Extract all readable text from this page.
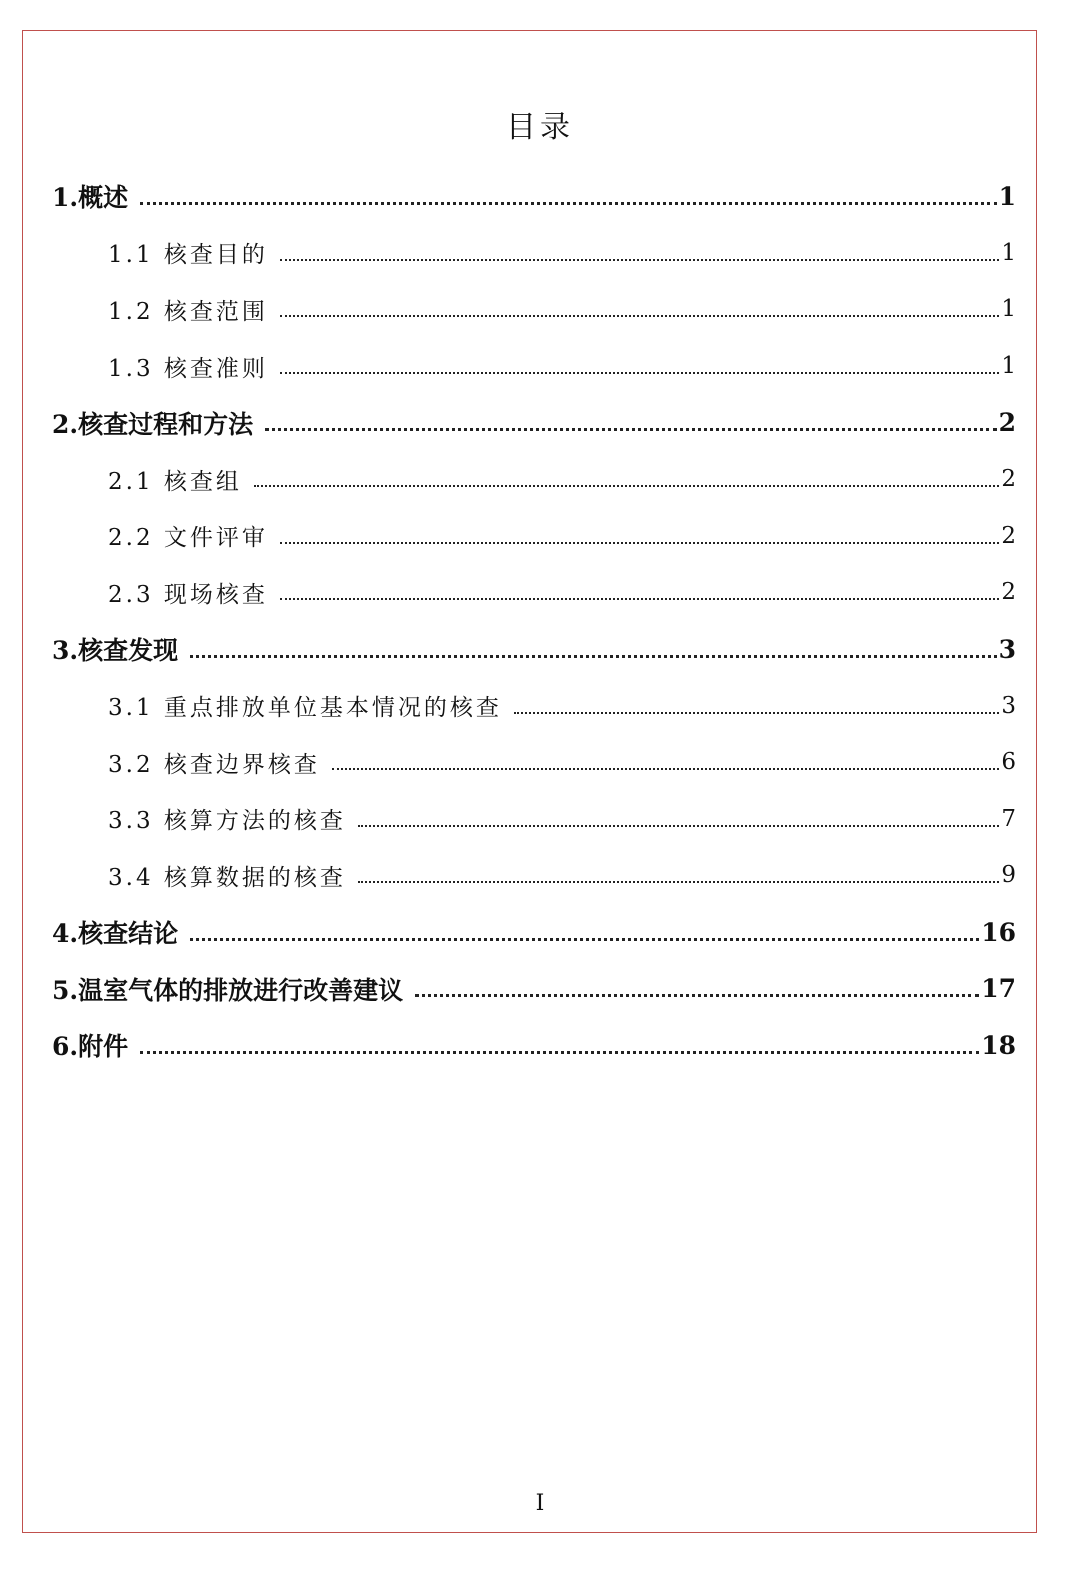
目录
1.概述	1
1.1 核查目的	1
1.2 核查范围	1
1.3 核查准则	1
2.核查过程和方法	2
2.1 核查组	2
2.2 文件评审	2
2.3 现场核查	2
3.核查发现	3
3.1 重点排放单位基本情况的核查	3
3.2 核查边界核查	6
3.3 核算方法的核查	7
3.4 核算数据的核查	9
4.核查结论	16
5.温室气体的排放进行改善建议	17
6.附件	18
I
